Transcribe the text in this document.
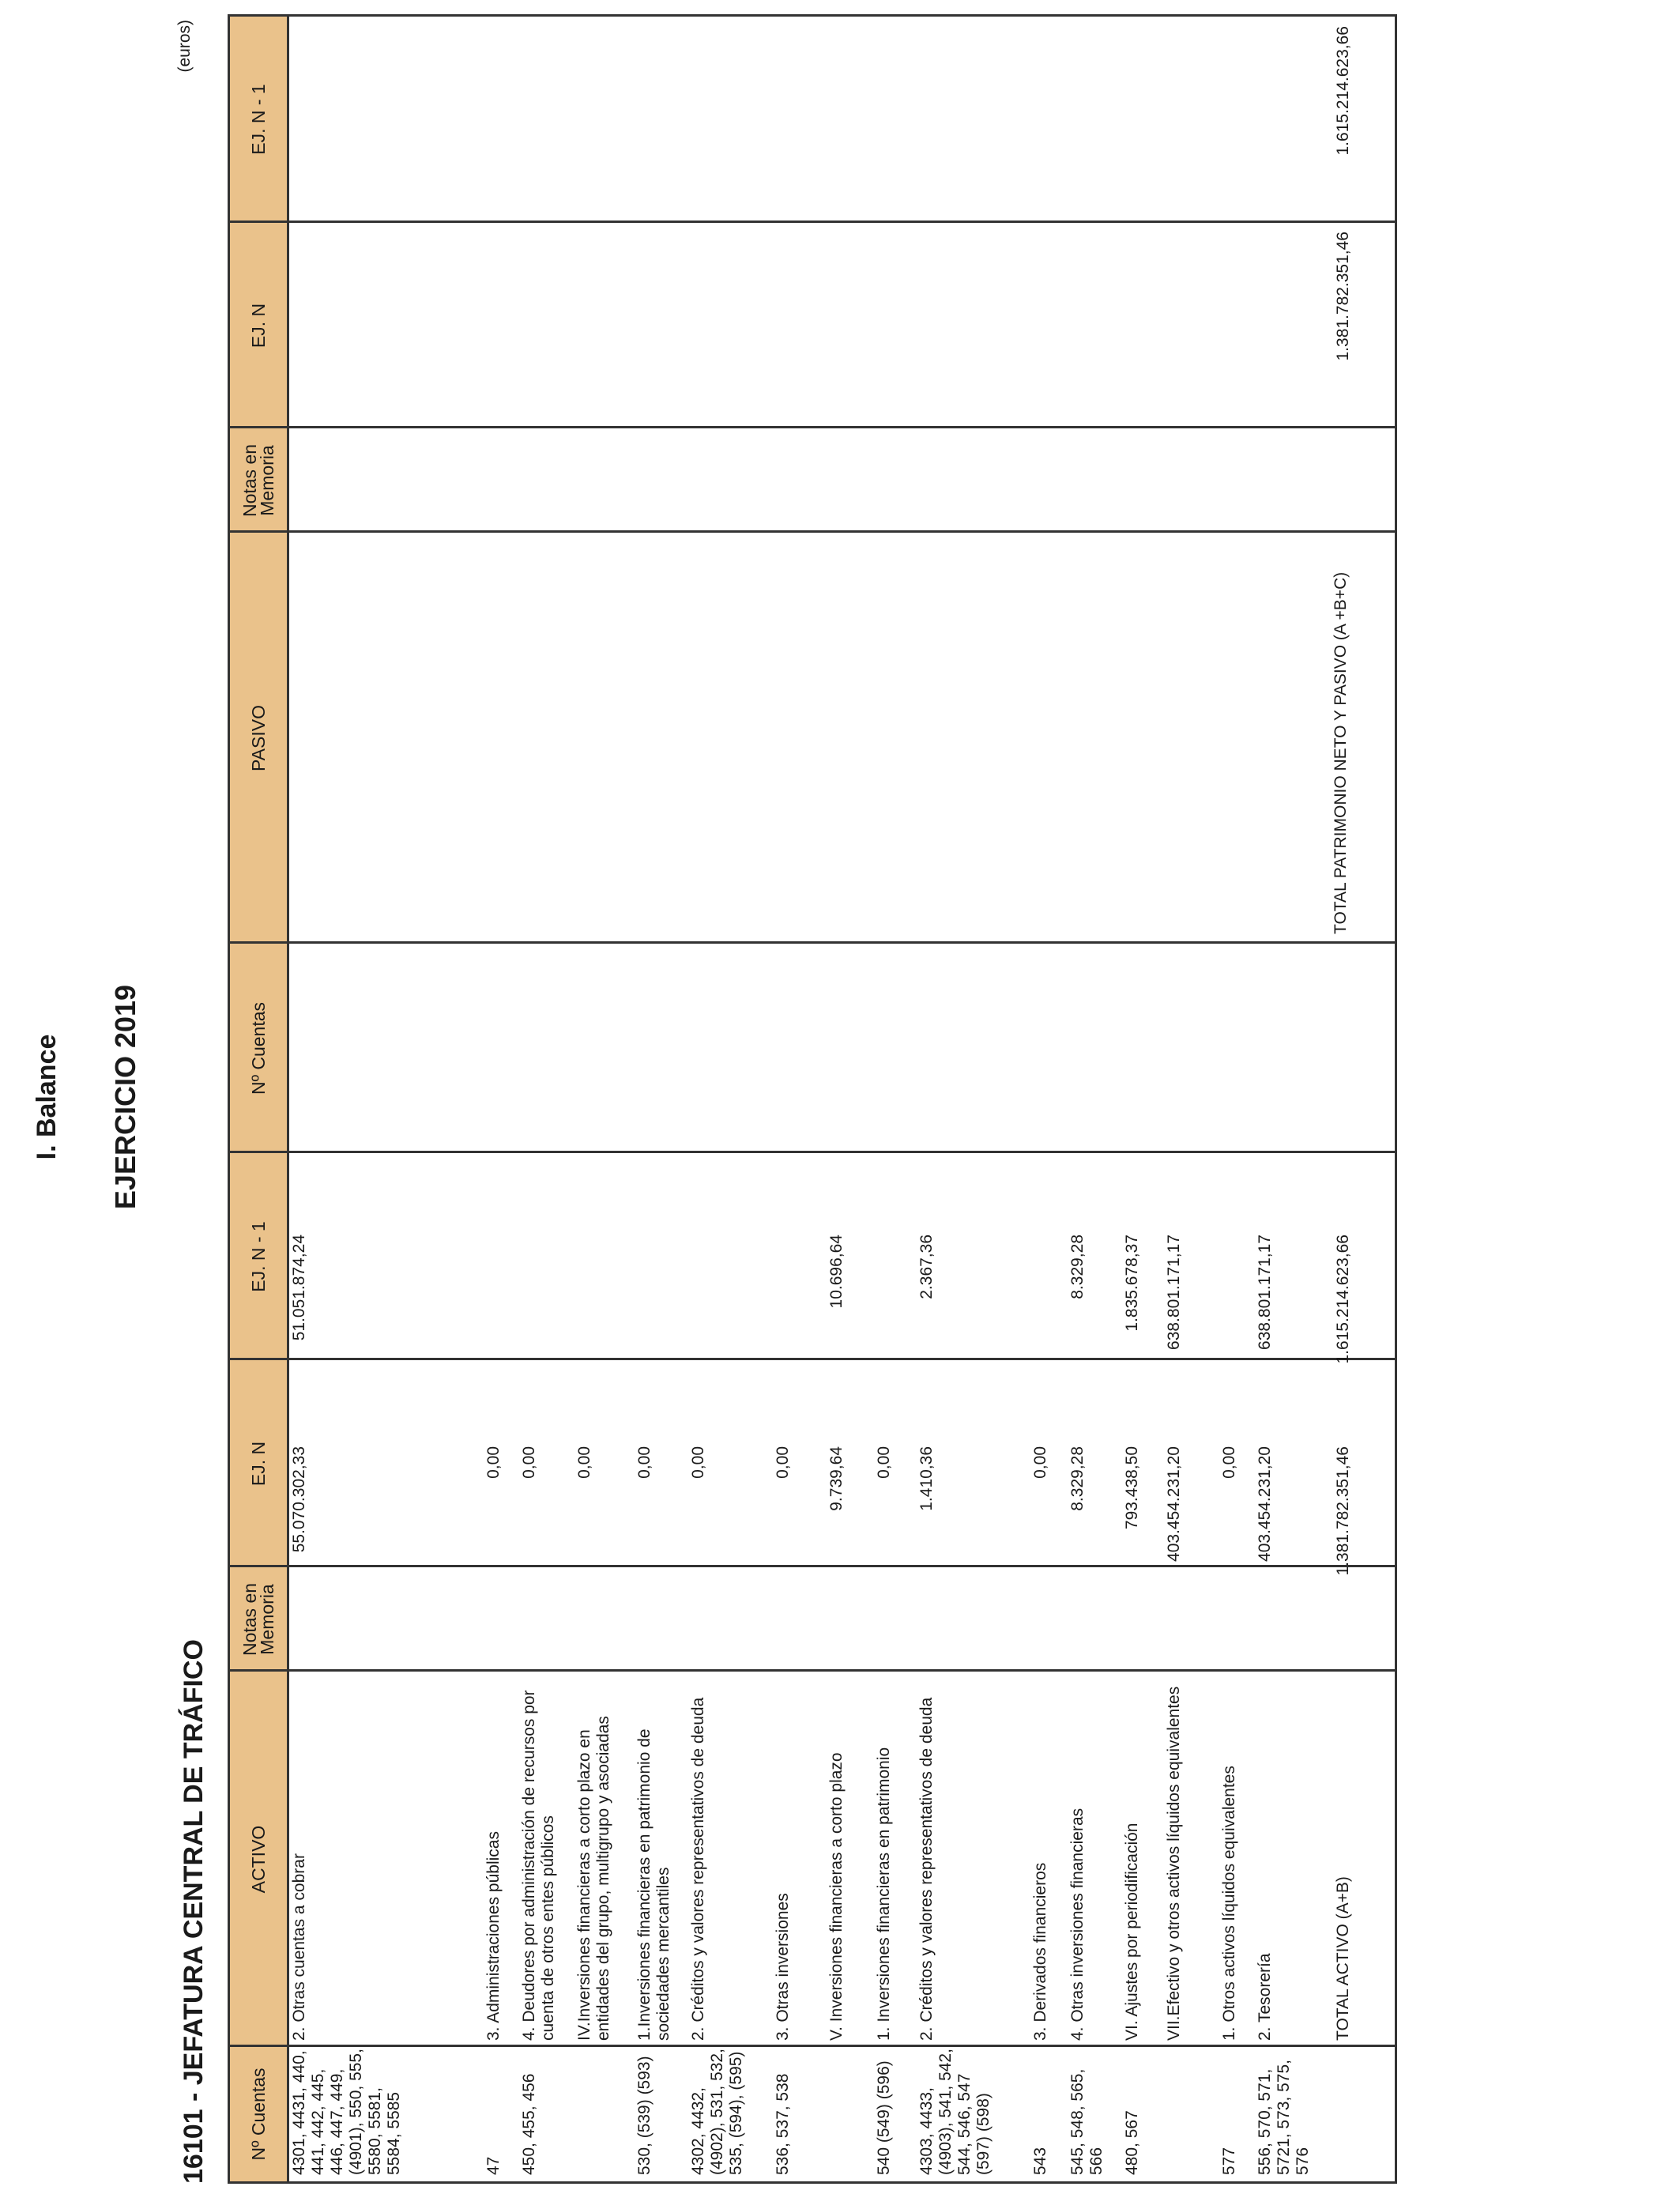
I. Balance EJERCICIO 2019
16101 - JEFATURA CENTRAL DE TRÁFICO
(euros)
Nº Cuentas
ACTIVO
Notas en Memoria
EJ. N
EJ. N - 1
Nº Cuentas
PASIVO
Notas en Memoria
EJ. N
EJ. N - 1
4301, 4431, 440, 441, 442, 445, 446, 447, 449, (4901), 550, 555, 5580, 5581, 5584, 5585
2. Otras cuentas a cobrar
55.070.302,33
51.051.874,24
47
3. Administraciones públicas
0,00
450, 455, 456
4. Deudores por administración de recursos por cuenta de otros entes públicos
0,00
IV.Inversiones financieras a corto plazo en entidades del grupo, multigrupo y asociadas
0,00
530, (539) (593)
1.Inversiones financieras en patrimonio de sociedades mercantiles
0,00
4302, 4432, (4902), 531, 532, 535, (594), (595)
2. Créditos y valores representativos de deuda
0,00
536, 537, 538
3. Otras inversiones
0,00
V. Inversiones financieras a corto plazo
9.739,64
10.696,64
540 (549) (596)
1. Inversiones financieras en patrimonio
0,00
4303, 4433, (4903), 541, 542, 544, 546, 547 (597) (598)
2. Créditos y valores representativos de deuda
1.410,36
2.367,36
543
3. Derivados financieros
0,00
545, 548, 565, 566
4. Otras inversiones financieras
8.329,28
8.329,28
480, 567
VI. Ajustes por periodificación
793.438,50
1.835.678,37
VII.Efectivo y otros activos líquidos equivalentes
403.454.231,20
638.801.171,17
577
1. Otros activos líquidos equivalentes
0,00
556, 570, 571, 5721, 573, 575, 576
2. Tesorería
403.454.231,20
638.801.171,17
TOTAL ACTIVO (A+B)
1.381.782.351,46
1.615.214.623,66
TOTAL PATRIMONIO NETO Y PASIVO (A +B+C)
1.381.782.351,46
1.615.214.623,66
